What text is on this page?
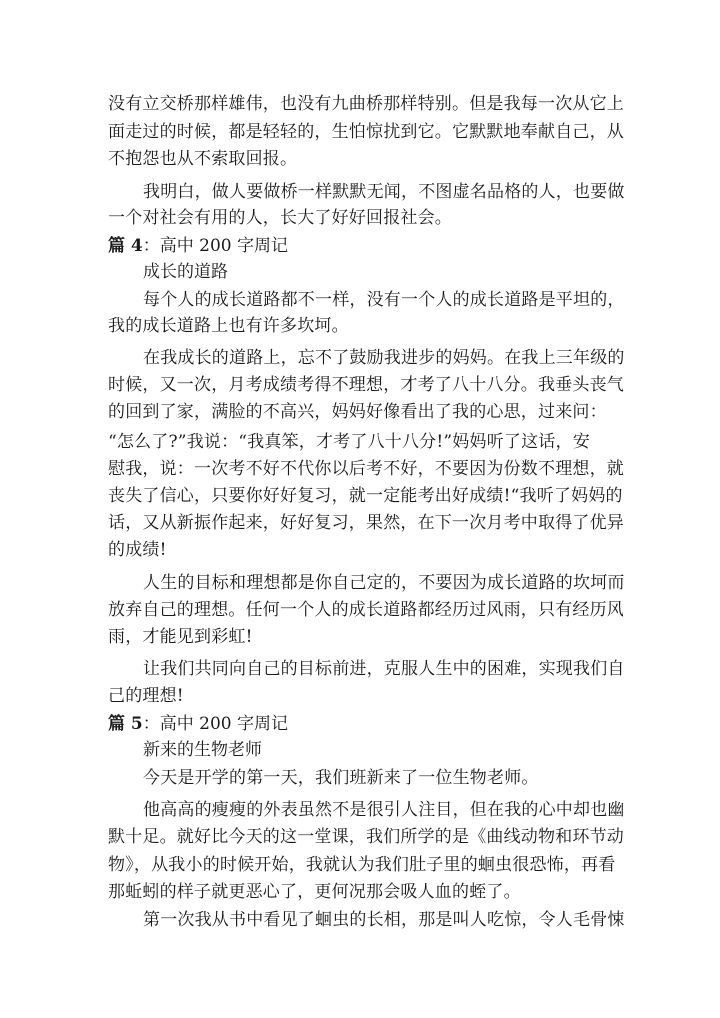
没有立交桥那样雄伟，也没有九曲桥那样特别。但是我每一次从它上
面走过的时候，都是轻轻的，生怕惊扰到它。它默默地奉献自己，从
不抱怨也从不索取回报。
我明白，做人要做桥一样默默无闻，不图虚名品格的人，也要做
一个对社会有用的人，长大了好好回报社会。
篇 4：高中 200 字周记
成长的道路
每个人的成长道路都不一样，没有一个人的成长道路是平坦的，
我的成长道路上也有许多坎坷。
在我成长的道路上，忘不了鼓励我进步的妈妈。在我上三年级的
时候，又一次，月考成绩考得不理想，才考了八十八分。我垂头丧气
的回到了家，满脸的不高兴，妈妈好像看出了我的心思，过来问：
“怎么了?”我说：“我真笨，才考了八十八分!”妈妈听了这话，安
慰我，说：一次考不好不代你以后考不好，不要因为份数不理想，就
丧失了信心，只要你好好复习，就一定能考出好成绩!“我听了妈妈的
话，又从新振作起来，好好复习，果然，在下一次月考中取得了优异
的成绩!
人生的目标和理想都是你自己定的，不要因为成长道路的坎坷而
放弃自己的理想。任何一个人的成长道路都经历过风雨，只有经历风
雨，才能见到彩虹!
让我们共同向自己的目标前进，克服人生中的困难，实现我们自
己的理想!
篇 5：高中 200 字周记
新来的生物老师
今天是开学的第一天，我们班新来了一位生物老师。
他高高的瘦瘦的外表虽然不是很引人注目，但在我的心中却也幽
默十足。就好比今天的这一堂课，我们所学的是《曲线动物和环节动
物》，从我小的时候开始，我就认为我们肚子里的蛔虫很恐怖，再看
那蚯蚓的样子就更恶心了，更何况那会吸人血的蛭了。
第一次我从书中看见了蛔虫的长相，那是叫人吃惊，令人毛骨悚
